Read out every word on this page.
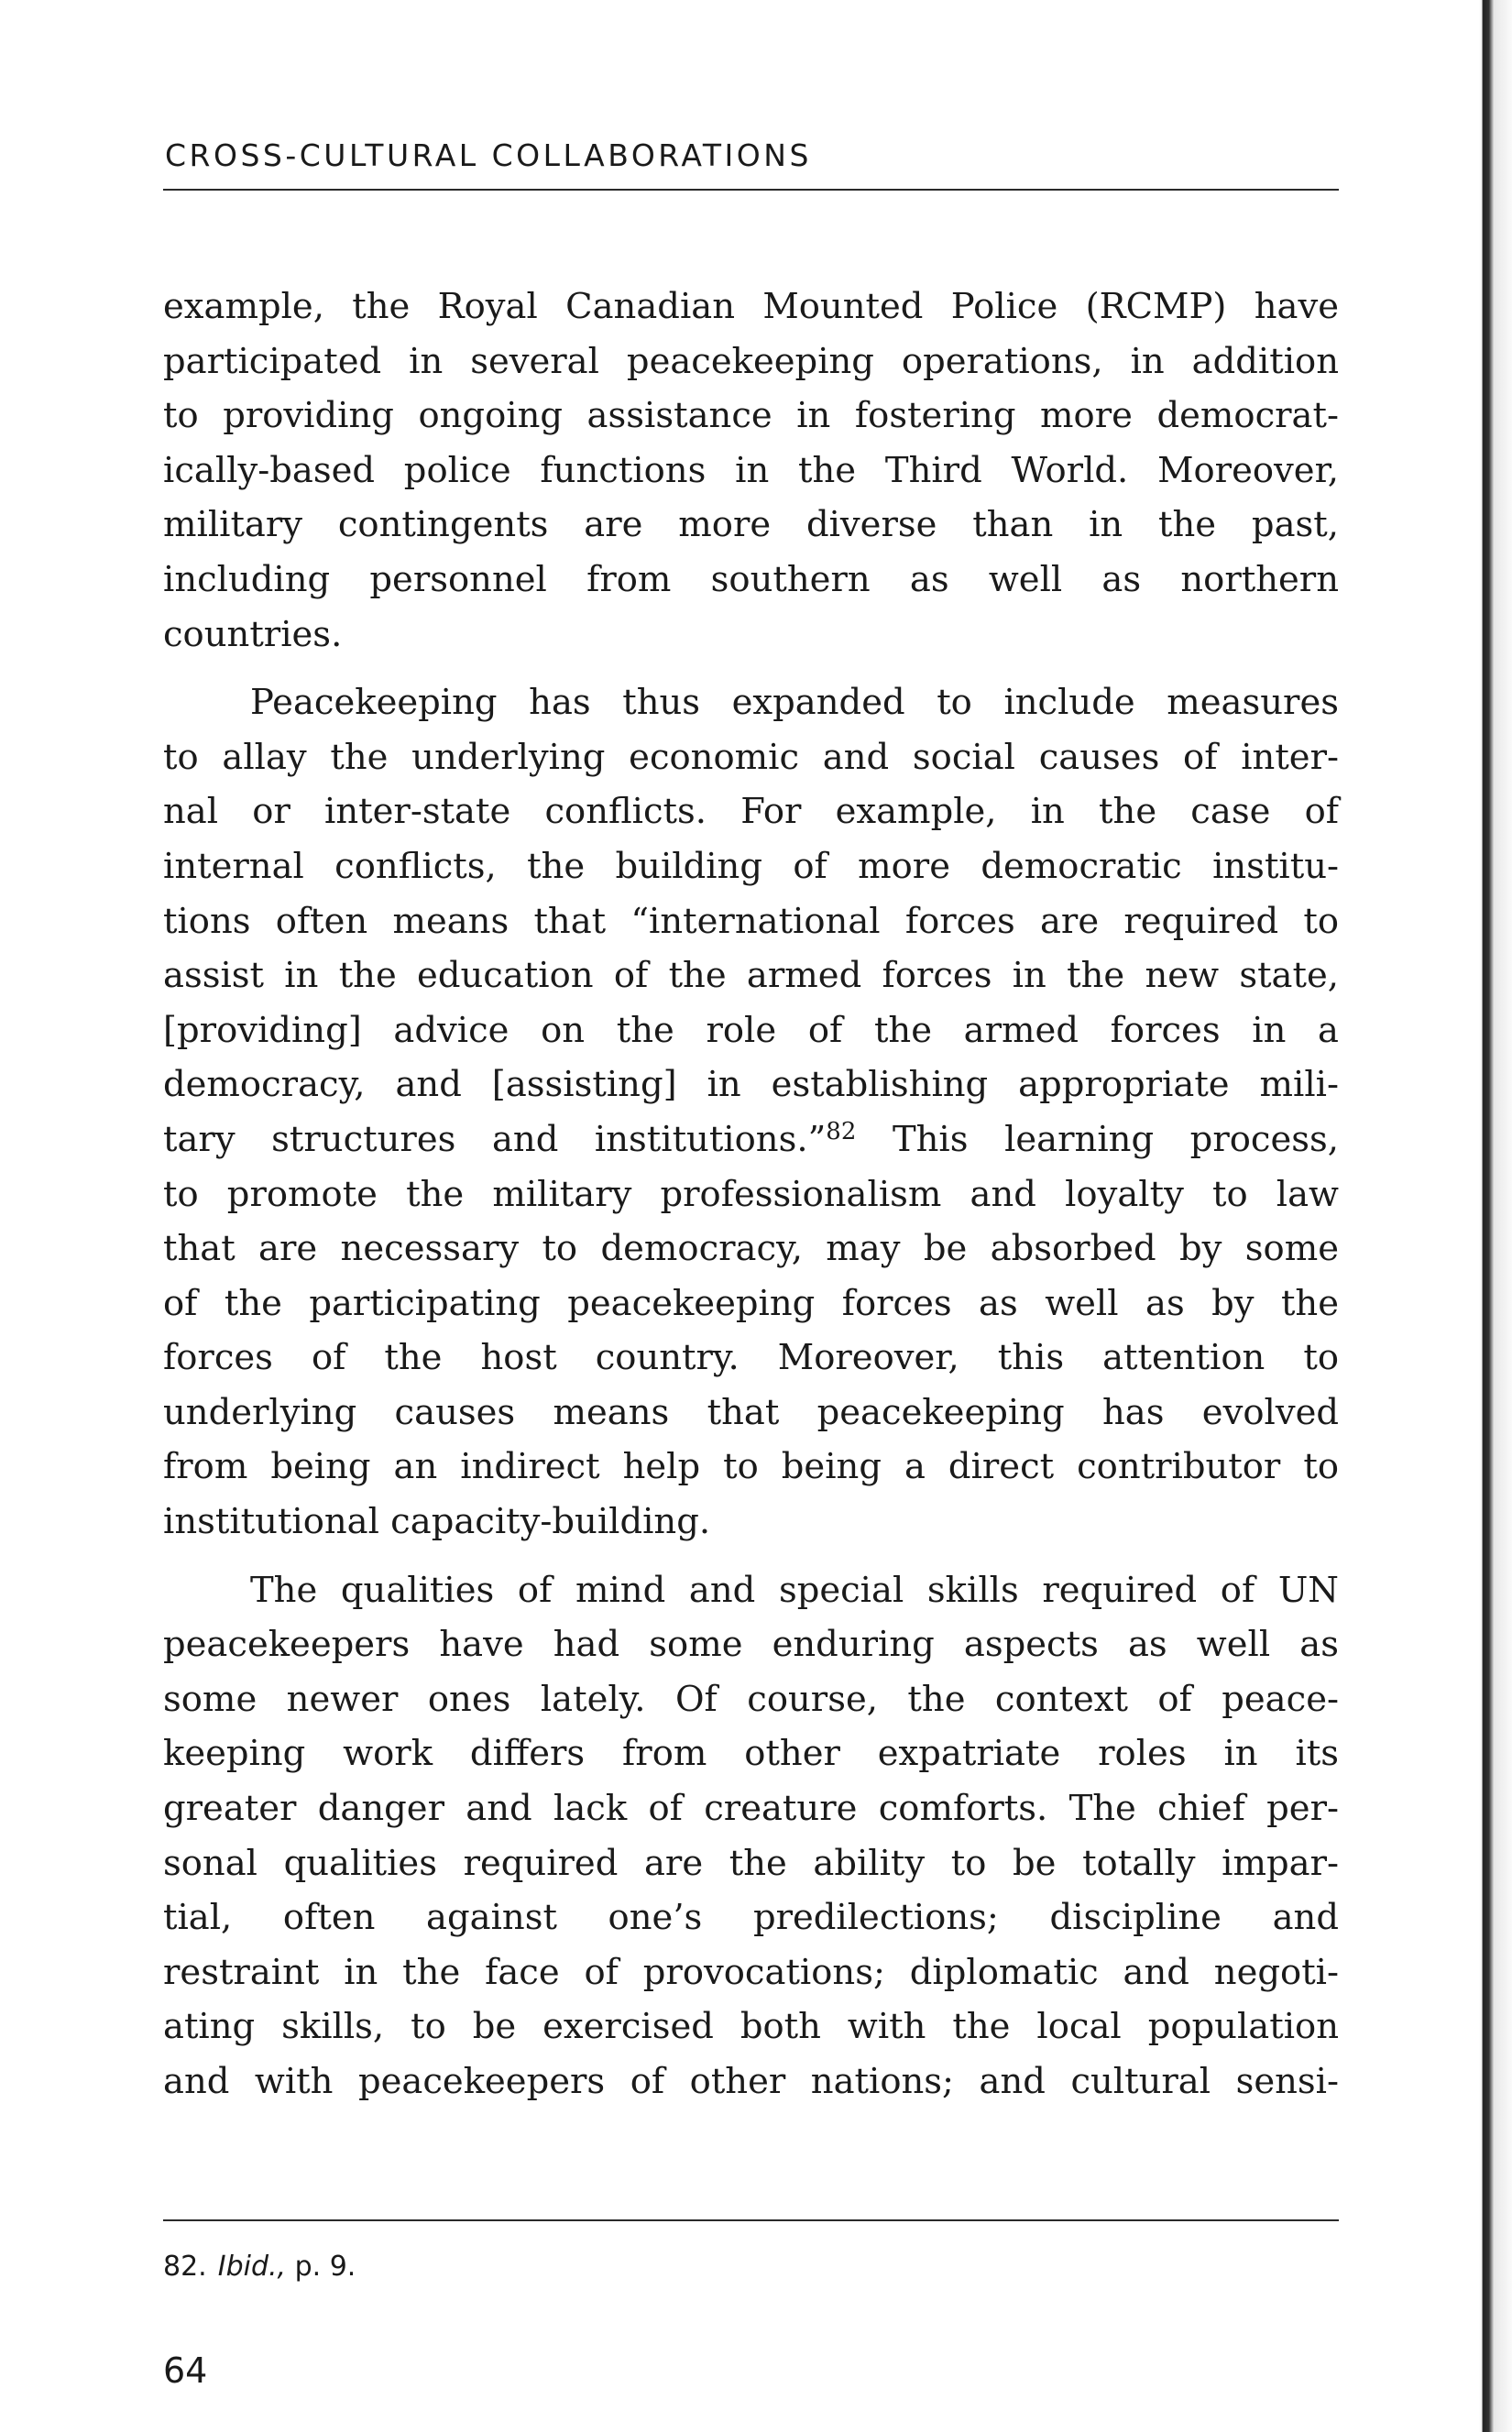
CROSS-CULTURAL COLLABORATIONS
example, the Royal Canadian Mounted Police (RCMP) have
participated in several peacekeeping operations, in addition
to providing ongoing assistance in fostering more democrat-
ically-based police functions in the Third World. Moreover,
military contingents are more diverse than in the past,
including personnel from southern as well as northern
countries.
Peacekeeping has thus expanded to include measures
to allay the underlying economic and social causes of inter-
nal or inter-state conflicts. For example, in the case of
internal conflicts, the building of more democratic institu-
tions often means that “international forces are required to
assist in the education of the armed forces in the new state,
[providing] advice on the role of the armed forces in a
democracy, and [assisting] in establishing appropriate mili-
tary structures and institutions.”$^{82}$ This learning process,
to promote the military professionalism and loyalty to law
that are necessary to democracy, may be absorbed by some
of the participating peacekeeping forces as well as by the
forces of the host country. Moreover, this attention to
underlying causes means that peacekeeping has evolved
from being an indirect help to being a direct contributor to
institutional capacity-building.
The qualities of mind and special skills required of UN
peacekeepers have had some enduring aspects as well as
some newer ones lately. Of course, the context of peace-
keeping work differs from other expatriate roles in its
greater danger and lack of creature comforts. The chief per-
sonal qualities required are the ability to be totally impar-
tial, often against one’s predilections; discipline and
restraint in the face of provocations; diplomatic and negoti-
ating skills, to be exercised both with the local population
and with peacekeepers of other nations; and cultural sensi-
82. Ibid., p. 9.
64
